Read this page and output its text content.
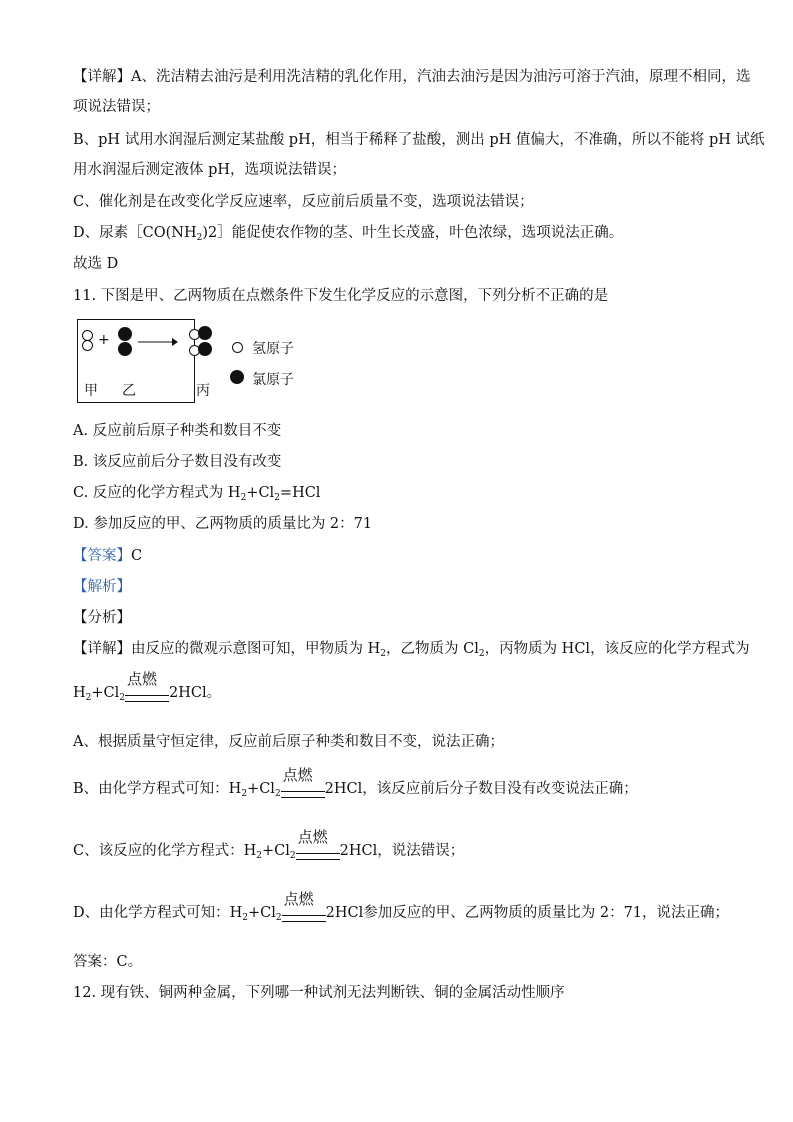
【详解】A、洗洁精去油污是利用洗洁精的乳化作用，汽油去油污是因为油污可溶于汽油，原理不相同，选
项说法错误；
B、pH 试用水润湿后测定某盐酸 pH，相当于稀释了盐酸，测出 pH 值偏大，不准确，所以不能将 pH 试纸
用水润湿后测定液体 pH，选项说法错误；
C、催化剂是在改变化学反应速率，反应前后质量不变，选项说法错误；
D、尿素$[CO(NH_2)2]$能促使农作物的茎、叶生长茂盛，叶色浓绿，选项说法正确。
故选 D
11. 下图是甲、乙两物质在点燃条件下发生化学反应的示意图，下列分析不正确的是
+
甲 乙	丙
氢原子
氯原子
A. 反应前后原子种类和数目不变
B. 该反应前后分子数目没有改变
C. 反应的化学方程式为 $H_2+Cl_2=HCl$
D. 参加反应的甲、乙两物质的质量比为 2：71
【答案】C
【解析】
【分析】
【详解】由反应的微观示意图可知，甲物质为 $H_2$，乙物质为 $Cl_2$，丙物质为 HCl，该反应的化学方程式为
$H_2+Cl_2$
点燃
2HCl。
A、根据质量守恒定律，反应前后原子种类和数目不变，说法正确；
B、由化学方程式可知：$H_2+Cl_2$
点燃
2HCl，该反应前后分子数目没有改变说法正确；
C、该反应的化学方程式：$H_2+Cl_2$
点燃
2HCl，说法错误；
D、由化学方程式可知：$H_2+Cl_2$
点燃
2HCl参加反应的甲、乙两物质的质量比为 2：71，说法正确；
答案：C。
12. 现有铁、铜两种金属，下列哪一种试剂无法判断铁、铜的金属活动性顺序
